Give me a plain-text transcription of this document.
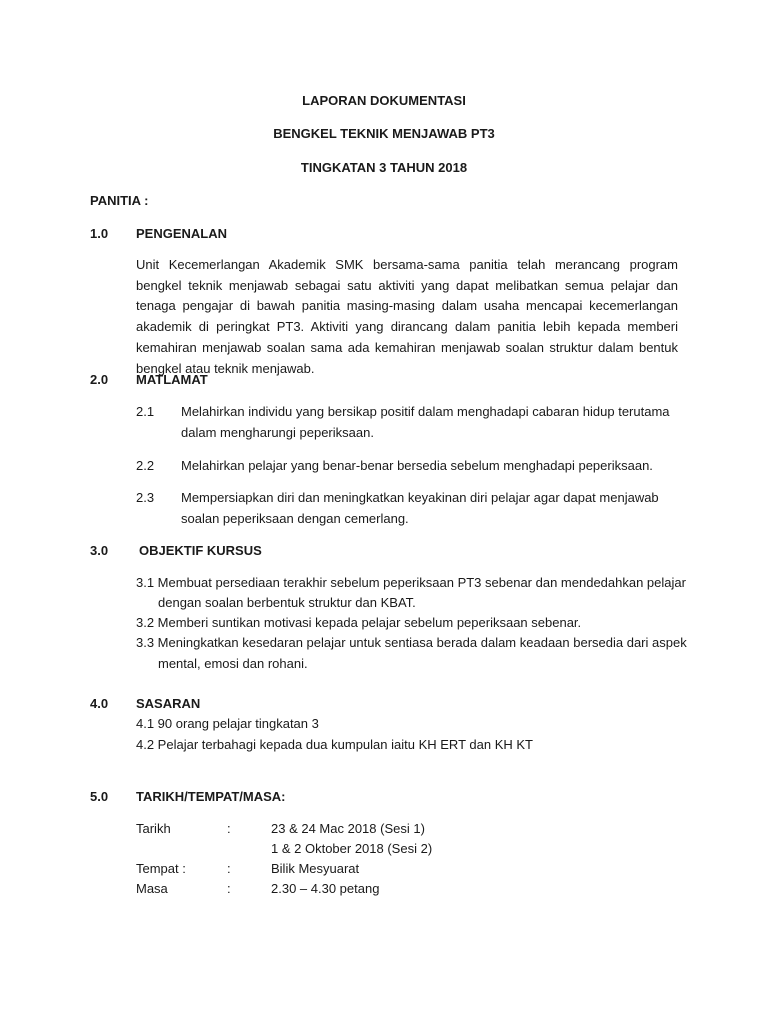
LAPORAN DOKUMENTASI
BENGKEL TEKNIK MENJAWAB PT3
TINGKATAN 3 TAHUN 2018
PANITIA :
1.0 PENGENALAN
Unit Kecemerlangan Akademik SMK bersama-sama panitia telah merancang program bengkel teknik menjawab sebagai satu aktiviti yang dapat melibatkan semua pelajar dan tenaga pengajar di bawah panitia masing-masing dalam usaha mencapai kecemerlangan akademik di peringkat PT3. Aktiviti yang dirancang dalam panitia lebih kepada memberi kemahiran menjawab soalan sama ada kemahiran menjawab soalan struktur dalam bentuk bengkel atau teknik menjawab.
2.0 MATLAMAT
2.1 Melahirkan individu yang bersikap positif dalam menghadapi cabaran hidup terutama
dalam mengharungi peperiksaan.
2.2 Melahirkan pelajar yang benar-benar bersedia sebelum menghadapi peperiksaan.
2.3 Mempersiapkan diri dan meningkatkan keyakinan diri pelajar agar dapat menjawab
soalan peperiksaan dengan cemerlang.
3.0 OBJEKTIF KURSUS
3.1 Membuat persediaan terakhir sebelum peperiksaan PT3 sebenar dan mendedahkan pelajar
dengan soalan berbentuk struktur dan KBAT.
3.2 Memberi suntikan motivasi kepada pelajar sebelum peperiksaan sebenar.
3.3 Meningkatkan kesedaran pelajar untuk sentiasa berada dalam keadaan bersedia dari aspek
mental, emosi dan rohani.
4.0 SASARAN
4.1 90 orang pelajar tingkatan 3
4.2 Pelajar terbahagi kepada dua kumpulan iaitu KH ERT dan KH KT
5.0 TARIKH/TEMPAT/MASA:
Tarikh	:	23 & 24 Mac 2018 (Sesi 1)
1 & 2 Oktober 2018 (Sesi 2)
Tempat :	:	Bilik Mesyuarat
Masa	:	2.30 – 4.30 petang
